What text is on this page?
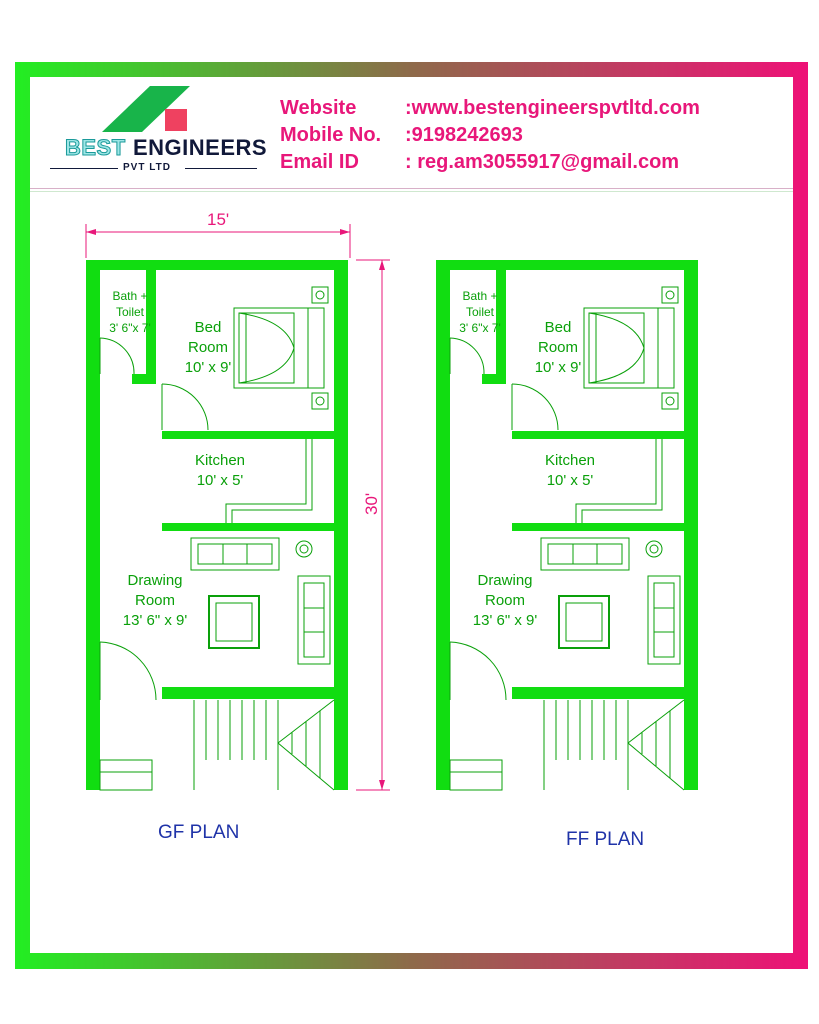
BEST ENGINEERS
PVT LTD
Website :www.bestengineerspvtltd.com
Mobile No. :9198242693
Email ID : reg.am3055917@gmail.com
15'
30'
Bath +
Toilet
3' 6"x 7'	Bed
Room
10' x 9'
Kitchen
10' x 5'
Drawing
Room
13' 6" x 9'
Bath +
Toilet
3' 6"x 7'	Bed
Room
10' x 9'
Kitchen
10' x 5'
Drawing
Room
13' 6" x 9'
GF PLAN	FF PLAN
